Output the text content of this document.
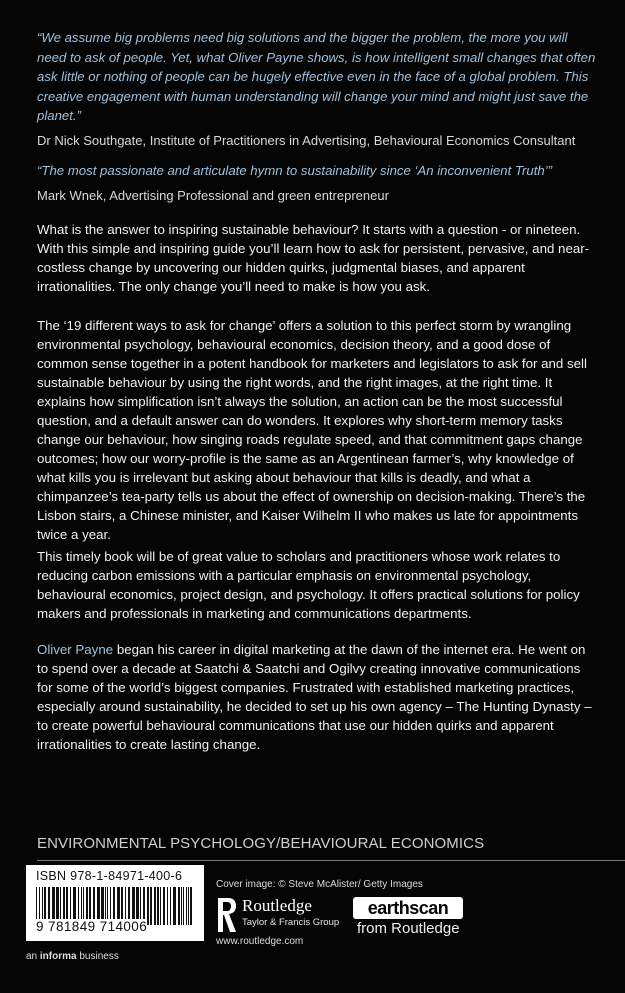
“We assume big problems need big solutions and the bigger the problem, the more you will need to ask of people. Yet, what Oliver Payne shows, is how intelligent small changes that often ask little or nothing of people can be hugely effective even in the face of a global problem. This creative engagement with human understanding will change your mind and might just save the planet.”

Dr Nick Southgate, Institute of Practitioners in Advertising, Behavioural Economics Consultant

“The most passionate and articulate hymn to sustainability since ‘An inconvenient Truth’”

Mark Wnek, Advertising Professional and green entrepreneur

What is the answer to inspiring sustainable behaviour? It starts with a question - or nineteen. With this simple and inspiring guide you’ll learn how to ask for persistent, pervasive, and near-costless change by uncovering our hidden quirks, judgmental biases, and apparent irrationalities. The only change you’ll need to make is how you ask.

The ‘19 different ways to ask for change’ offers a solution to this perfect storm by wrangling environmental psychology, behavioural economics, decision theory, and a good dose of common sense together in a potent handbook for marketers and legislators to ask for and sell sustainable behaviour by using the right words, and the right images, at the right time. It explains how simplification isn’t always the solution, an action can be the most successful question, and a default answer can do wonders. It explores why short-term memory tasks change our behaviour, how singing roads regulate speed, and that commitment gaps change outcomes; how our worry-profile is the same as an Argentinean farmer’s, why knowledge of what kills you is irrelevant but asking about behaviour that kills is deadly, and what a chimpanzee’s tea-party tells us about the effect of ownership on decision-making. There’s the Lisbon stairs, a Chinese minister, and Kaiser Wilhelm II who makes us late for appointments twice a year.

This timely book will be of great value to scholars and practitioners whose work relates to reducing carbon emissions with a particular emphasis on environmental psychology, behavioural economics, project design, and psychology. It offers practical solutions for policy makers and professionals in marketing and communications departments.

Oliver Payne began his career in digital marketing at the dawn of the internet era. He went on to spend over a decade at Saatchi & Saatchi and Ogilvy creating innovative communications for some of the world’s biggest companies. Frustrated with established marketing practices, especially around sustainability, he decided to set up his own agency – The Hunting Dynasty – to create powerful behavioural communications that use our hidden quirks and apparent irrationalities to create lasting change.

ENVIRONMENTAL PSYCHOLOGY/BEHAVIOURAL ECONOMICS
ISBN 978-1-84971-400-6
9 781849 714006
an informa business
Cover image: © Steve McAlister/ Getty Images
Routledge
Taylor & Francis Group
www.routledge.com
earthscan
from Routledge
